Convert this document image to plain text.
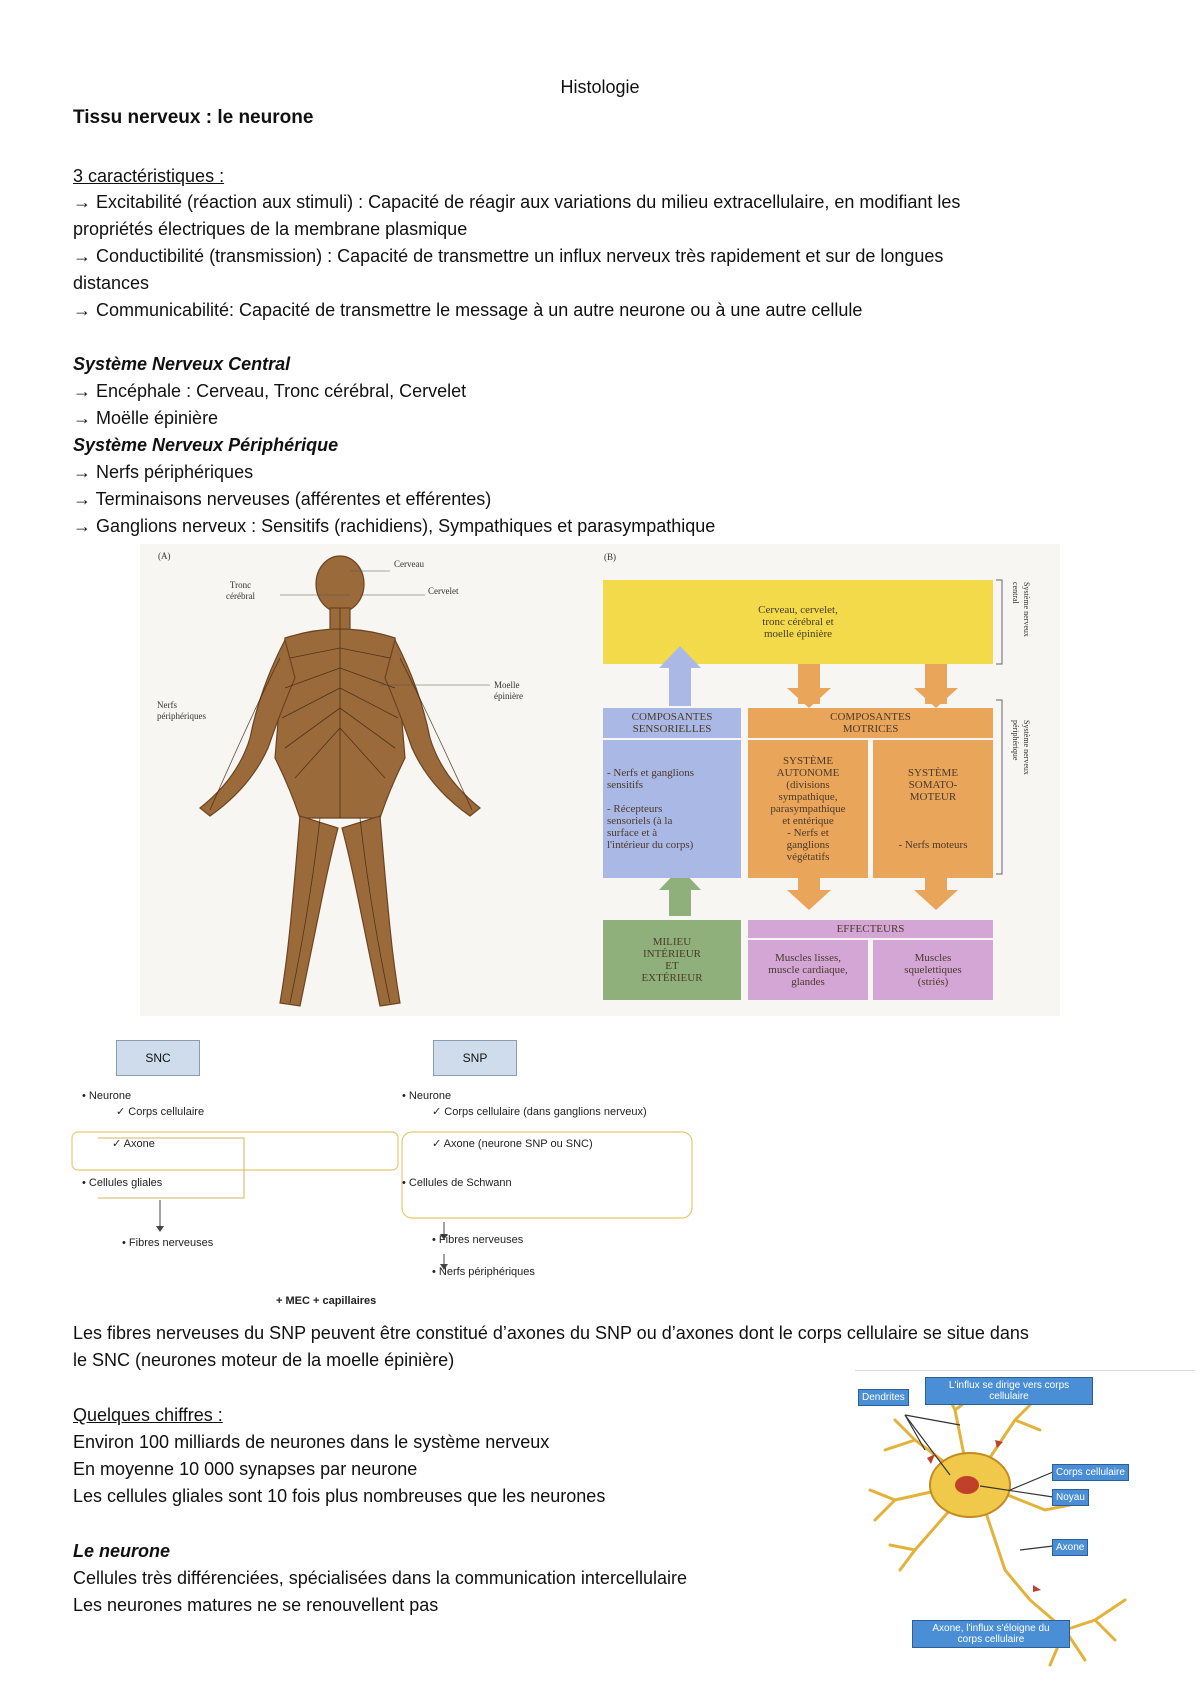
Histologie
Tissu nerveux : le neurone
3 caractéristiques :
→ Excitabilité (réaction aux stimuli) : Capacité de réagir aux variations du milieu extracellulaire, en modifiant les
propriétés électriques de la membrane plasmique
→ Conductibilité (transmission) : Capacité de transmettre un influx nerveux très rapidement et sur de longues
distances
→ Communicabilité: Capacité de transmettre le message à un autre neurone ou à une autre cellule
Système Nerveux Central
→ Encéphale : Cerveau, Tronc cérébral, Cervelet
→ Moëlle épinière
Système Nerveux Périphérique
→ Nerfs périphériques
→ Terminaisons nerveuses (afférentes et efférentes)
→ Ganglions nerveux : Sensitifs (rachidiens), Sympathiques et parasympathique
(A)
Cerveau
Tronc
cérébral	Cervelet
Moelle
épinière
Nerfs
périphériques
(B)
Cerveau, cervelet,
tronc cérébral et
moelle épinière
Système nerveux
central
Système nerveux
périphérique
COMPOSANTES
SENSORIELLES
- Nerfs et ganglions
sensitifs

- Récepteurs
sensoriels (à la
surface et à
l'intérieur du corps)
COMPOSANTES
MOTRICES
SYSTÈME
AUTONOME
(divisions
sympathique,
parasympathique
et entérique
- Nerfs et
ganglions
végétatifs
SYSTÈME
SOMATO-
MOTEUR

- Nerfs moteurs
MILIEU
INTÉRIEUR
ET
EXTÉRIEUR
EFFECTEURS
Muscles lisses,
muscle cardiaque,
glandes
Muscles
squelettiques
(striés)
SNC	SNP
• Neurone
✓ Corps cellulaire
✓ Axone
• Cellules gliales
• Fibres nerveuses
• Neurone
✓ Corps cellulaire (dans ganglions nerveux)
✓ Axone (neurone SNP ou SNC)
• Cellules de Schwann
• Fibres nerveuses
• Nerfs périphériques
+ MEC + capillaires
Les fibres nerveuses du SNP peuvent être constitué d’axones du SNP ou d’axones dont le corps cellulaire se situe dans
le SNC (neurones moteur de la moelle épinière)
Quelques chiffres :
Environ 100 milliards de neurones dans le système nerveux
En moyenne 10 000 synapses par neurone
Les cellules gliales sont 10 fois plus nombreuses que les neurones
Le neurone
Cellules très différenciées, spécialisées dans la communication intercellulaire
Les neurones matures ne se renouvellent pas
Dendrites
L'influx se dirige vers corps
cellulaire
Corps cellulaire
Noyau
Axone
Axone, l'influx s'éloigne du
corps cellulaire
